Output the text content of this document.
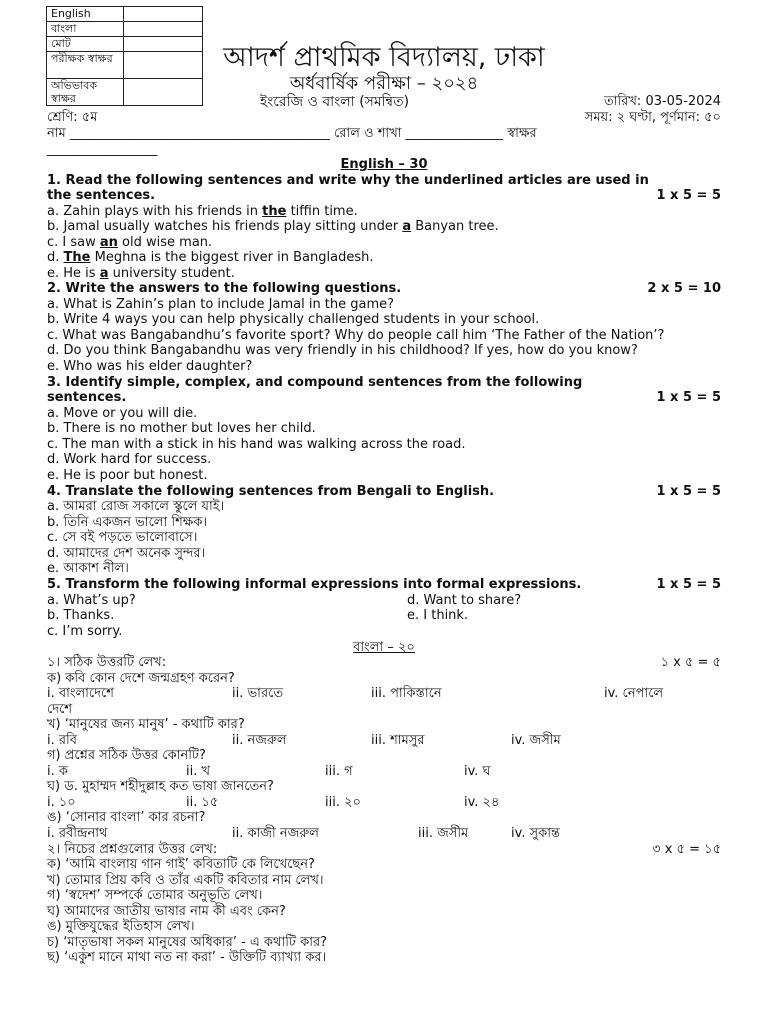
English	
বাংলা	
মোট	
পরীক্ষক স্বাক্ষর	
অভিভাবক স্বাক্ষর	
আদর্শ প্রাথমিক বিদ্যালয়, ঢাকা
অর্ধবার্ষিক পরীক্ষা – ২০২৪
ইংরেজি ও বাংলা (সমন্বিত)	তারিখ: 03-05-2024
শ্রেণি: ৫ম	সময়: ২ ঘণ্টা, পূর্ণমান: ৫০
নাম ________________________________________ রোল ও শাখা _______________ স্বাক্ষর
_________________
English – 30
1. Read the following sentences and write why the underlined articles are used in
the sentences.	1 x 5 = 5
a. Zahin plays with his friends in the tiffin time.
b. Jamal usually watches his friends play sitting under a Banyan tree.
c. I saw an old wise man.
d. The Meghna is the biggest river in Bangladesh.
e. He is a university student.
2. Write the answers to the following questions.	2 x 5 = 10
a. What is Zahin’s plan to include Jamal in the game?
b. Write 4 ways you can help physically challenged students in your school.
c. What was Bangabandhu’s favorite sport? Why do people call him ‘The Father of the Nation’?
d. Do you think Bangabandhu was very friendly in his childhood? If yes, how do you know?
e. Who was his elder daughter?
3. Identify simple, complex, and compound sentences from the following
sentences.	1 x 5 = 5
a. Move or you will die.
b. There is no mother but loves her child.
c. The man with a stick in his hand was walking across the road.
d. Work hard for success.
e. He is poor but honest.
4. Translate the following sentences from Bengali to English.	1 x 5 = 5
a. আমরা রোজ সকালে স্কুলে যাই।
b. তিনি একজন ভালো শিক্ষক।
c. সে বই পড়তে ভালোবাসে।
d. আমাদের দেশ অনেক সুন্দর।
e. আকাশ নীল।
5. Transform the following informal expressions into formal expressions.	1 x 5 = 5
a. What’s up?	d. Want to share?
b. Thanks.	e. I think.
c. I’m sorry.
বাংলা – ২০
১। সঠিক উত্তরটি লেখ:	১ x ৫ = ৫
ক) কবি কোন দেশে জন্মগ্রহণ করেন?
i. বাংলাদেশে	ii. ভারতে	iii. পাকিস্তানে	iv. নেপালে
দেশে
খ) ‘মানুষের জন্য মানুষ’ - কথাটি কার?
i. রবি	ii. নজরুল	iii. শামসুর	iv. জসীম
গ) প্রশ্নের সঠিক উত্তর কোনটি?
i. ক	ii. খ	iii. গ	iv. ঘ
ঘ) ড. মুহাম্মদ শহীদুল্লাহ কত ভাষা জানতেন?
i. ১০	ii. ১৫	iii. ২০	iv. ২৪
ঙ) ‘সোনার বাংলা’ কার রচনা?
i. রবীন্দ্রনাথ	ii. কাজী নজরুল	iii. জসীম	iv. সুকান্ত
২। নিচের প্রশ্নগুলোর উত্তর লেখ:	৩ x ৫ = ১৫
ক) ‘আমি বাংলায় গান গাই’ কবিতাটি কে লিখেছেন?
খ) তোমার প্রিয় কবি ও তাঁর একটি কবিতার নাম লেখ।
গ) ‘স্বদেশ’ সম্পর্কে তোমার অনুভূতি লেখ।
ঘ) আমাদের জাতীয় ভাষার নাম কী এবং কেন?
ঙ) মুক্তিযুদ্ধের ইতিহাস লেখ।
চ) ‘মাতৃভাষা সকল মানুষের অধিকার’ - এ কথাটি কার?
ছ) ‘একুশ মানে মাথা নত না করা’ - উক্তিটি ব্যাখ্যা কর।
